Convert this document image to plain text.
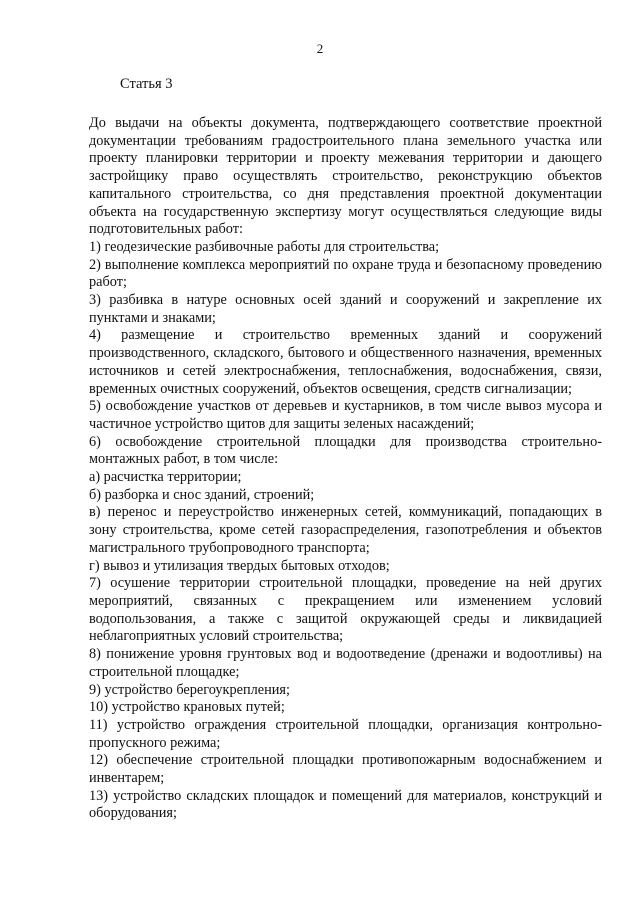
2
Статья 3

До выдачи на объекты документа, подтверждающего соответствие проектной документации требованиям градостроительного плана земельного участка или проекту планировки территории и проекту межевания территории и дающего застройщику право осуществлять строительство, реконструкцию объектов капитального строительства, со дня представления проектной документации объекта на государственную экспертизу могут осуществляться следующие виды подготовительных работ:

1) геодезические разбивочные работы для строительства;

2) выполнение комплекса мероприятий по охране труда и безопасному проведению работ;

3) разбивка в натуре основных осей зданий и сооружений и закрепление их пунктами и знаками;

4) размещение и строительство временных зданий и сооружений производственного, складского, бытового и общественного назначения, временных источников и сетей электроснабжения, теплоснабжения, водоснабжения, связи, временных очистных сооружений, объектов освещения, средств сигнализации;

5) освобождение участков от деревьев и кустарников, в том числе вывоз мусора и частичное устройство щитов для защиты зеленых насаждений;

6) освобождение строительной площадки для производства строительно-монтажных работ, в том числе:

а) расчистка территории;

б) разборка и снос зданий, строений;

в) перенос и переустройство инженерных сетей, коммуникаций, попадающих в зону строительства, кроме сетей газораспределения, газопотребления и объектов магистрального трубопроводного транспорта;

г) вывоз и утилизация твердых бытовых отходов;

7) осушение территории строительной площадки, проведение на ней других мероприятий, связанных с прекращением или изменением условий водопользования, а также с защитой окружающей среды и ликвидацией неблагоприятных условий строительства;

8) понижение уровня грунтовых вод и водоотведение (дренажи и водоотливы) на строительной площадке;

9) устройство берегоукрепления;

10) устройство крановых путей;

11) устройство ограждения строительной площадки, организация контрольно-пропускного режима;

12) обеспечение строительной площадки противопожарным водоснабжением и инвентарем;

13) устройство складских площадок и помещений для материалов, конструкций и оборудования;
